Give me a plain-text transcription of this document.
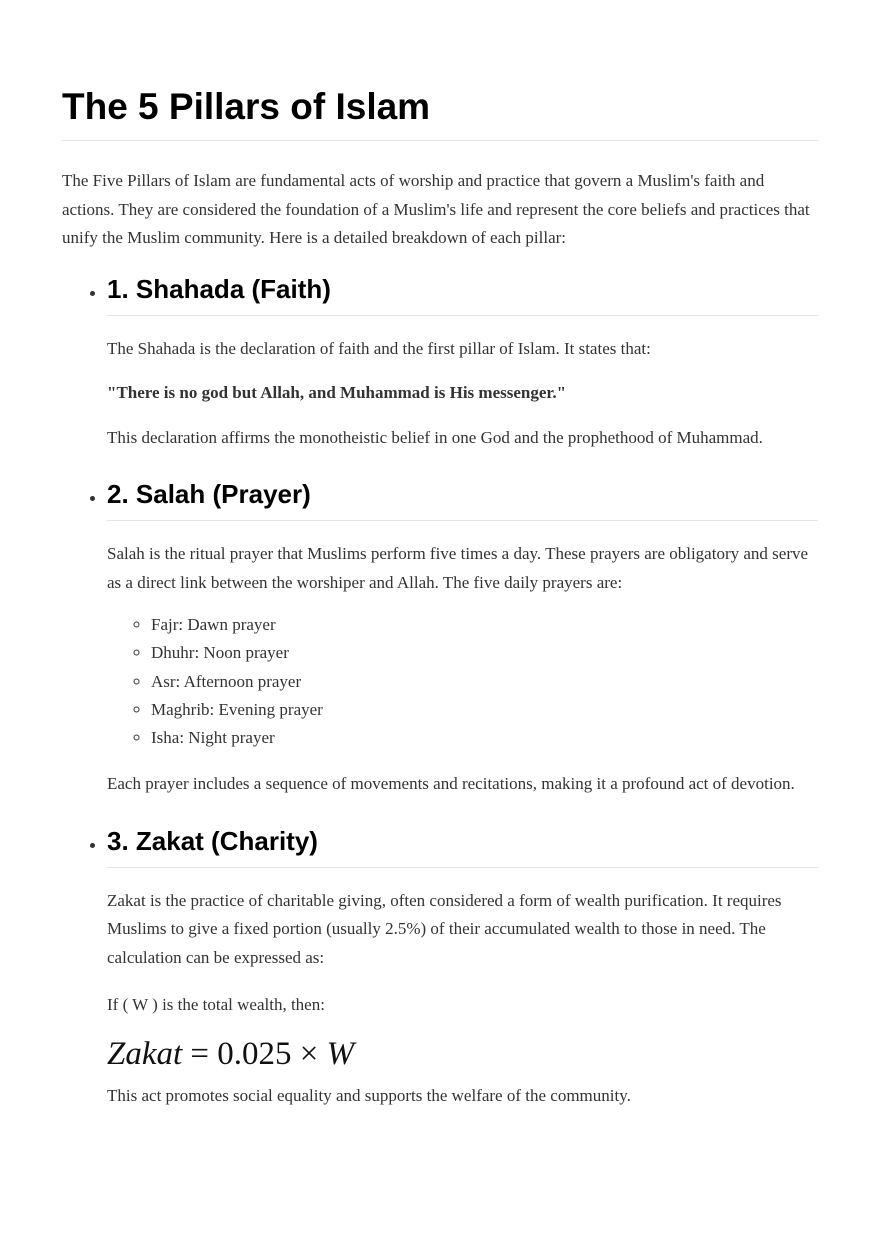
The 5 Pillars of Islam

The Five Pillars of Islam are fundamental acts of worship and practice that govern a Muslim's faith and actions. They are considered the foundation of a Muslim's life and represent the core beliefs and practices that unify the Muslim community. Here is a detailed breakdown of each pillar:

• 1. Shahada (Faith)

The Shahada is the declaration of faith and the first pillar of Islam. It states that:

"There is no god but Allah, and Muhammad is His messenger."

This declaration affirms the monotheistic belief in one God and the prophethood of Muhammad.

• 2. Salah (Prayer)

Salah is the ritual prayer that Muslims perform five times a day. These prayers are obligatory and serve as a direct link between the worshiper and Allah. The five daily prayers are:

◦ Fajr: Dawn prayer
◦ Dhuhr: Noon prayer
◦ Asr: Afternoon prayer
◦ Maghrib: Evening prayer
◦ Isha: Night prayer

Each prayer includes a sequence of movements and recitations, making it a profound act of devotion.

• 3. Zakat (Charity)

Zakat is the practice of charitable giving, often considered a form of wealth purification. It requires Muslims to give a fixed portion (usually 2.5%) of their accumulated wealth to those in need. The calculation can be expressed as:

If ( W ) is the total wealth, then:

Zakat = 0.025 × W

This act promotes social equality and supports the welfare of the community.
